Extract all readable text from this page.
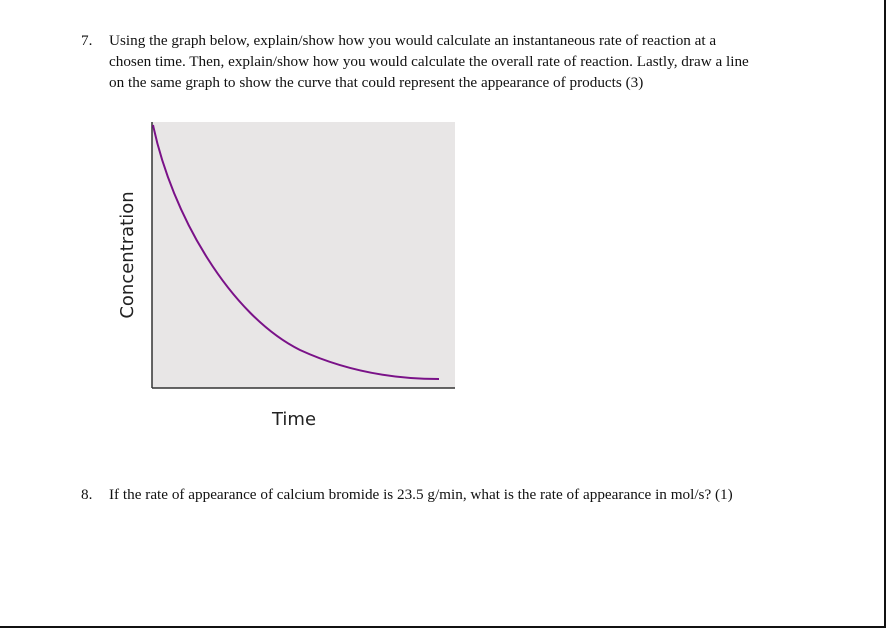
7. Using the graph below, explain/show how you would calculate an instantaneous rate of reaction at a
chosen time. Then, explain/show how you would calculate the overall rate of reaction. Lastly, draw a line
on the same graph to show the curve that could represent the appearance of products (3)
Time
Concentration
8. If the rate of appearance of calcium bromide is 23.5 g/min, what is the rate of appearance in mol/s? (1)
